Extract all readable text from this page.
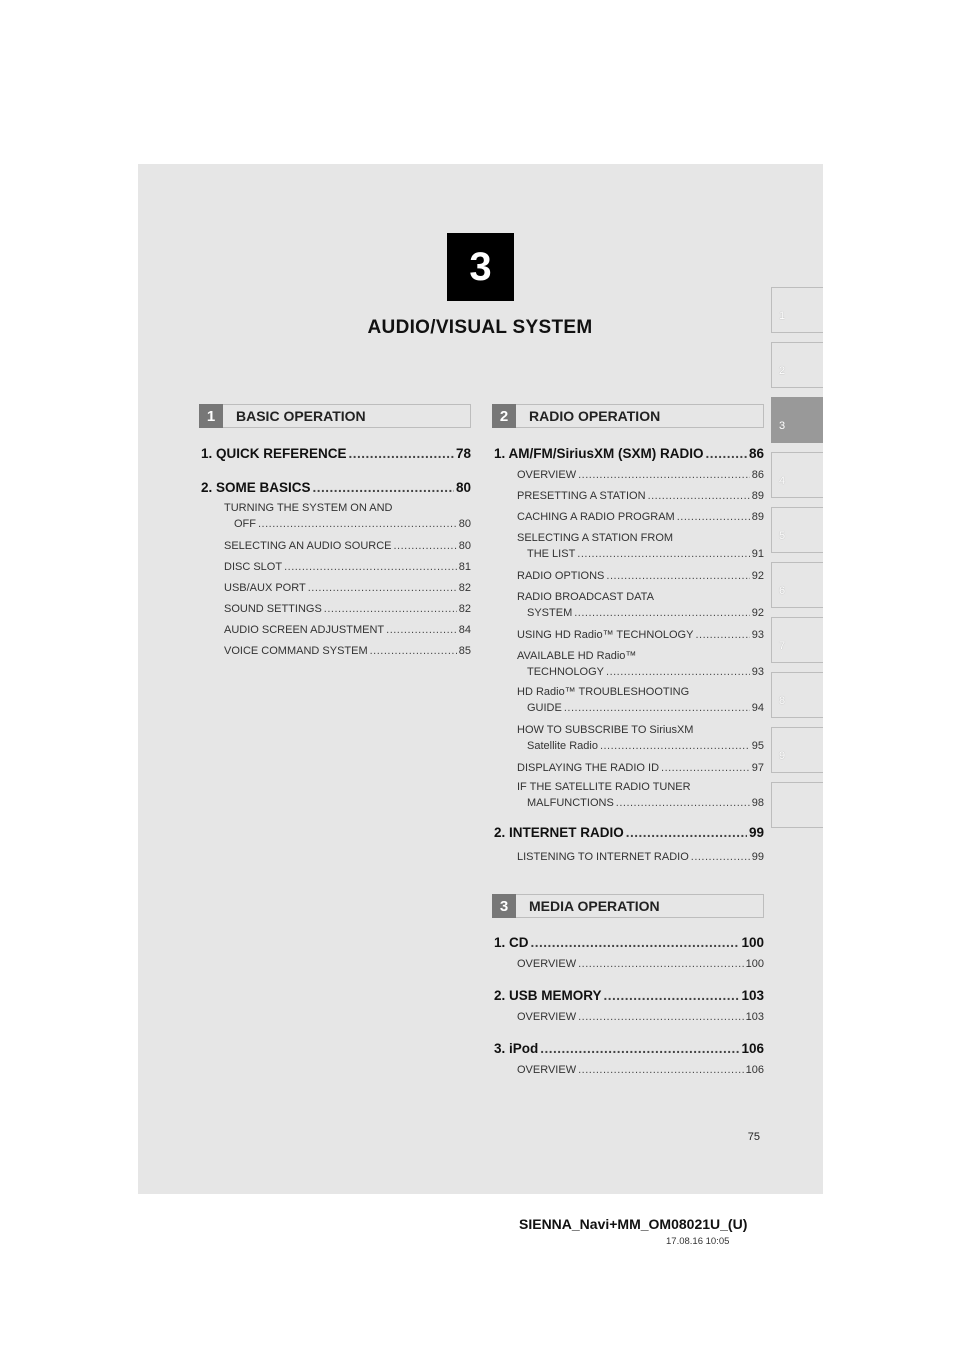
3
AUDIO/VISUAL SYSTEM
1
2
3
4
5
6
7
8
9
1	BASIC OPERATION	2	RADIO OPERATION
3	MEDIA OPERATION
1. QUICK REFERENCE .....	78
2. SOME BASICS .....	80
TURNING THE SYSTEM ON AND
OFF .....	80
SELECTING AN AUDIO SOURCE .....	80
DISC SLOT .....	81
USB/AUX PORT .....	82
SOUND SETTINGS .....	82
AUDIO SCREEN ADJUSTMENT .....	84
VOICE COMMAND SYSTEM .....	85
1. AM/FM/SiriusXM (SXM) RADIO .....	86
OVERVIEW .....	86
PRESETTING A STATION .....	89
CACHING A RADIO PROGRAM .....	89
SELECTING A STATION FROM
THE LIST .....	91
RADIO OPTIONS .....	92
RADIO BROADCAST DATA
SYSTEM .....	92
USING HD Radio™ TECHNOLOGY .....	93
AVAILABLE HD Radio™
TECHNOLOGY .....	93
HD Radio™ TROUBLESHOOTING
GUIDE .....	94
HOW TO SUBSCRIBE TO SiriusXM
Satellite Radio .....	95
DISPLAYING THE RADIO ID .....	97
IF THE SATELLITE RADIO TUNER
MALFUNCTIONS .....	98
2. INTERNET RADIO .....	99
LISTENING TO INTERNET RADIO .....	99
1. CD .....	100
OVERVIEW .....	100
2. USB MEMORY .....	103
OVERVIEW .....	103
3. iPod .....	106
OVERVIEW .....	106
75
SIENNA_Navi+MM_OM08021U_(U)
17.08.16 10:05
